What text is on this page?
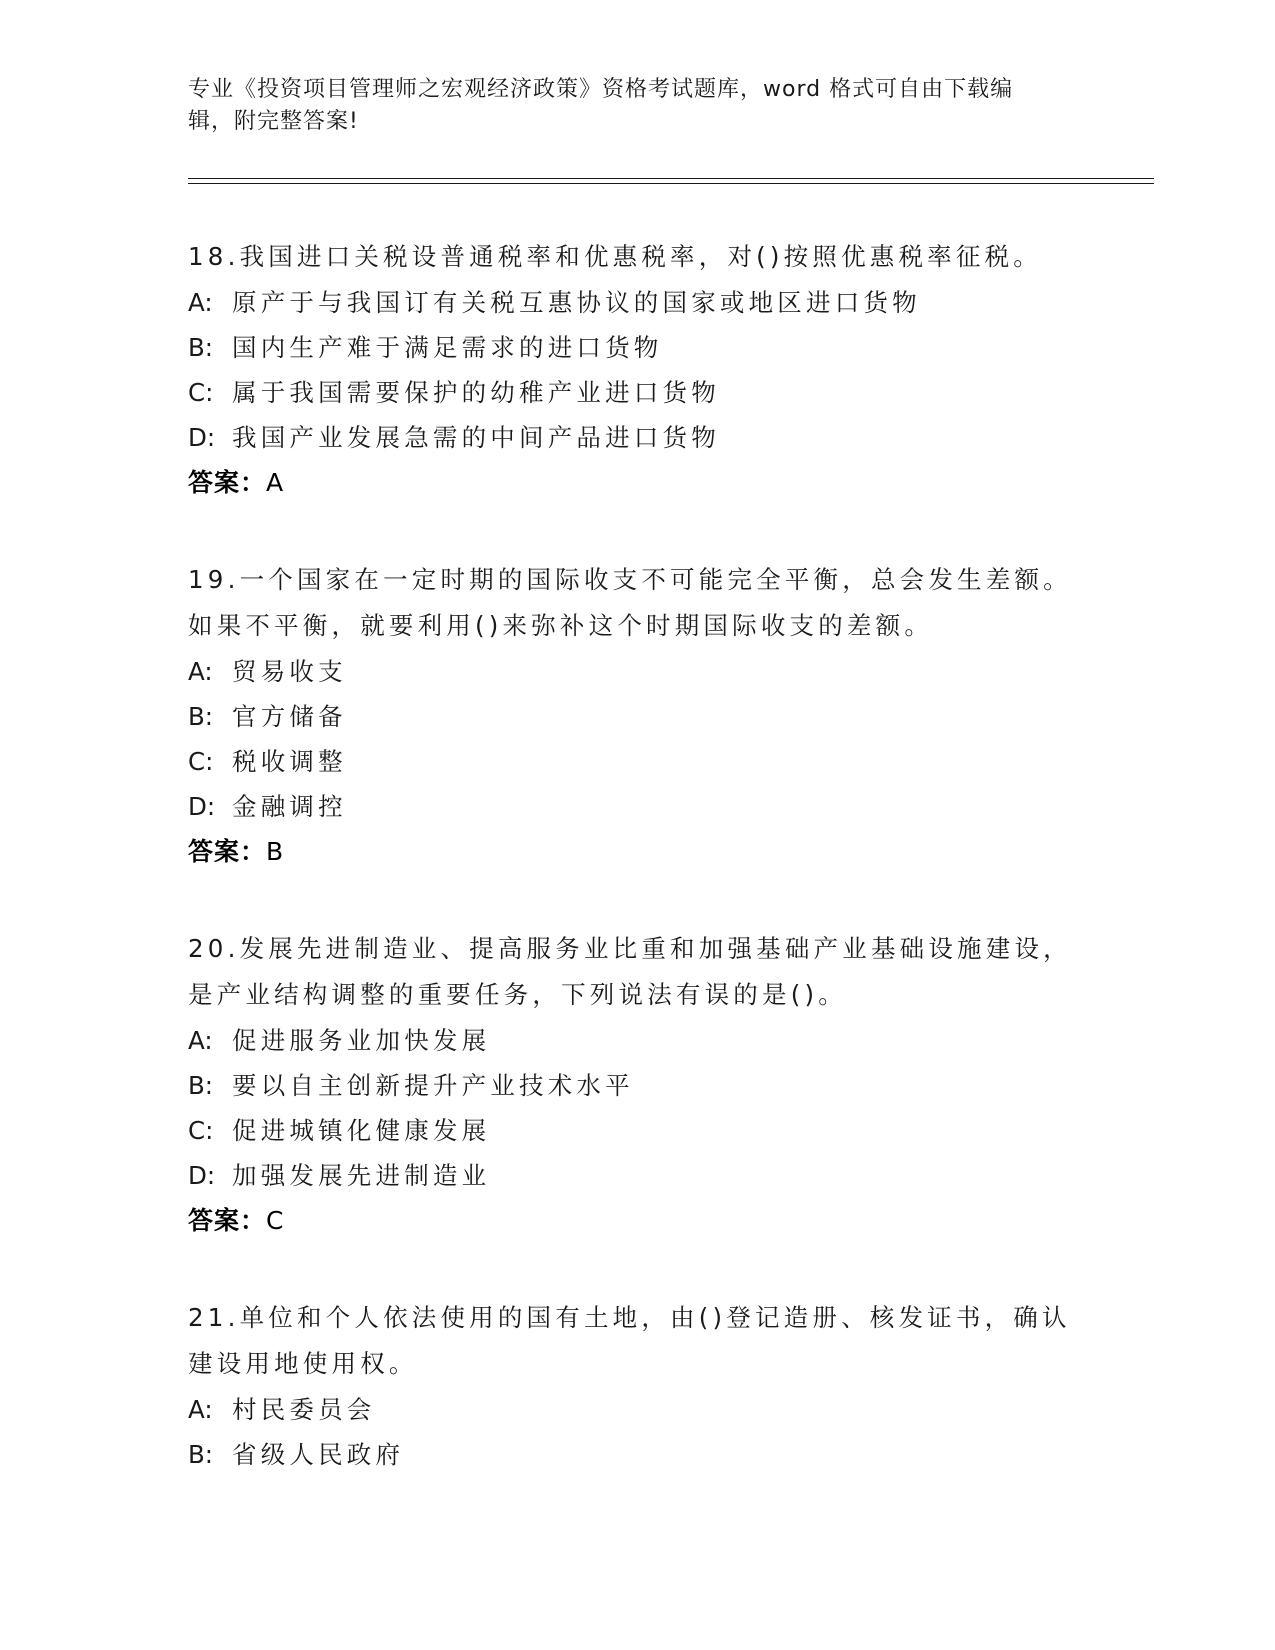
专业《投资项目管理师之宏观经济政策》资格考试题库，word 格式可自由下载编
辑，附完整答案!
18.我国进口关税设普通税率和优惠税率，对()按照优惠税率征税。
A: 原产于与我国订有关税互惠协议的国家或地区进口货物
B: 国内生产难于满足需求的进口货物
C: 属于我国需要保护的幼稚产业进口货物
D: 我国产业发展急需的中间产品进口货物
答案：A
19.一个国家在一定时期的国际收支不可能完全平衡，总会发生差额。
如果不平衡，就要利用()来弥补这个时期国际收支的差额。
A: 贸易收支
B: 官方储备
C: 税收调整
D: 金融调控
答案：B
20.发展先进制造业、提高服务业比重和加强基础产业基础设施建设，
是产业结构调整的重要任务，下列说法有误的是()。
A: 促进服务业加快发展
B: 要以自主创新提升产业技术水平
C: 促进城镇化健康发展
D: 加强发展先进制造业
答案：C
21.单位和个人依法使用的国有土地，由()登记造册、核发证书，确认
建设用地使用权。
A: 村民委员会
B: 省级人民政府
